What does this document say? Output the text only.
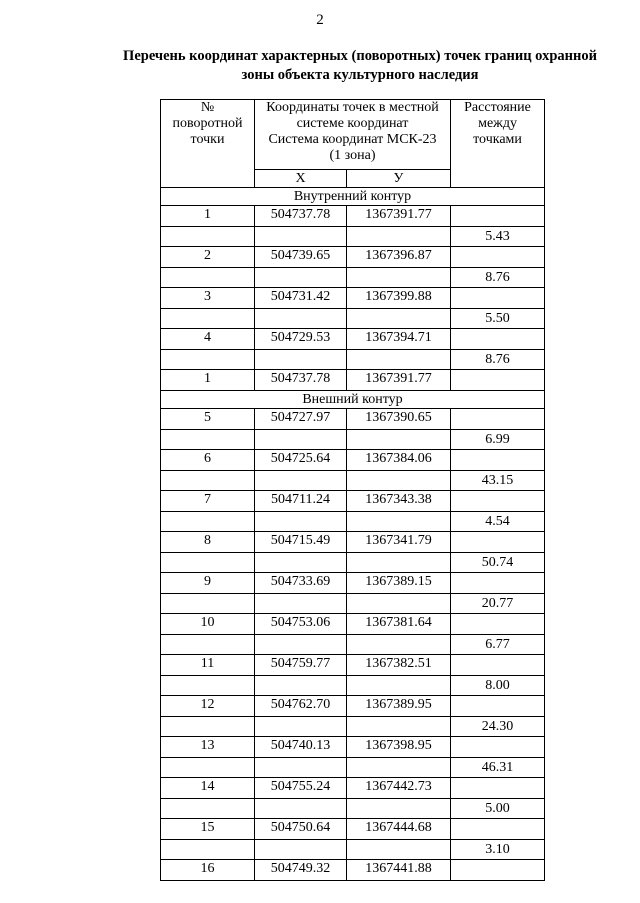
2
Перечень координат характерных (поворотных) точек границ охранной
зоны объекта культурного наследия
№
поворотной
точки	Координаты точек в местной
системе координат
Система координат МСК-23
(1 зона)		Расстояние
между
точками

	X	У	
Внутренний контур			
1	504737.78	1367391.77	
			5.43
2	504739.65	1367396.87	
			8.76
3	504731.42	1367399.88	
			5.50
4	504729.53	1367394.71	
			8.76
1	504737.78	1367391.77	
Внешний контур			
5	504727.97	1367390.65	
			6.99
6	504725.64	1367384.06	
			43.15
7	504711.24	1367343.38	
			4.54
8	504715.49	1367341.79	
			50.74
9	504733.69	1367389.15	
			20.77
10	504753.06	1367381.64	
			6.77
11	504759.77	1367382.51	
			8.00
12	504762.70	1367389.95	
			24.30
13	504740.13	1367398.95	
			46.31
14	504755.24	1367442.73	
			5.00
15	504750.64	1367444.68	
			3.10
16	504749.32	1367441.88	
